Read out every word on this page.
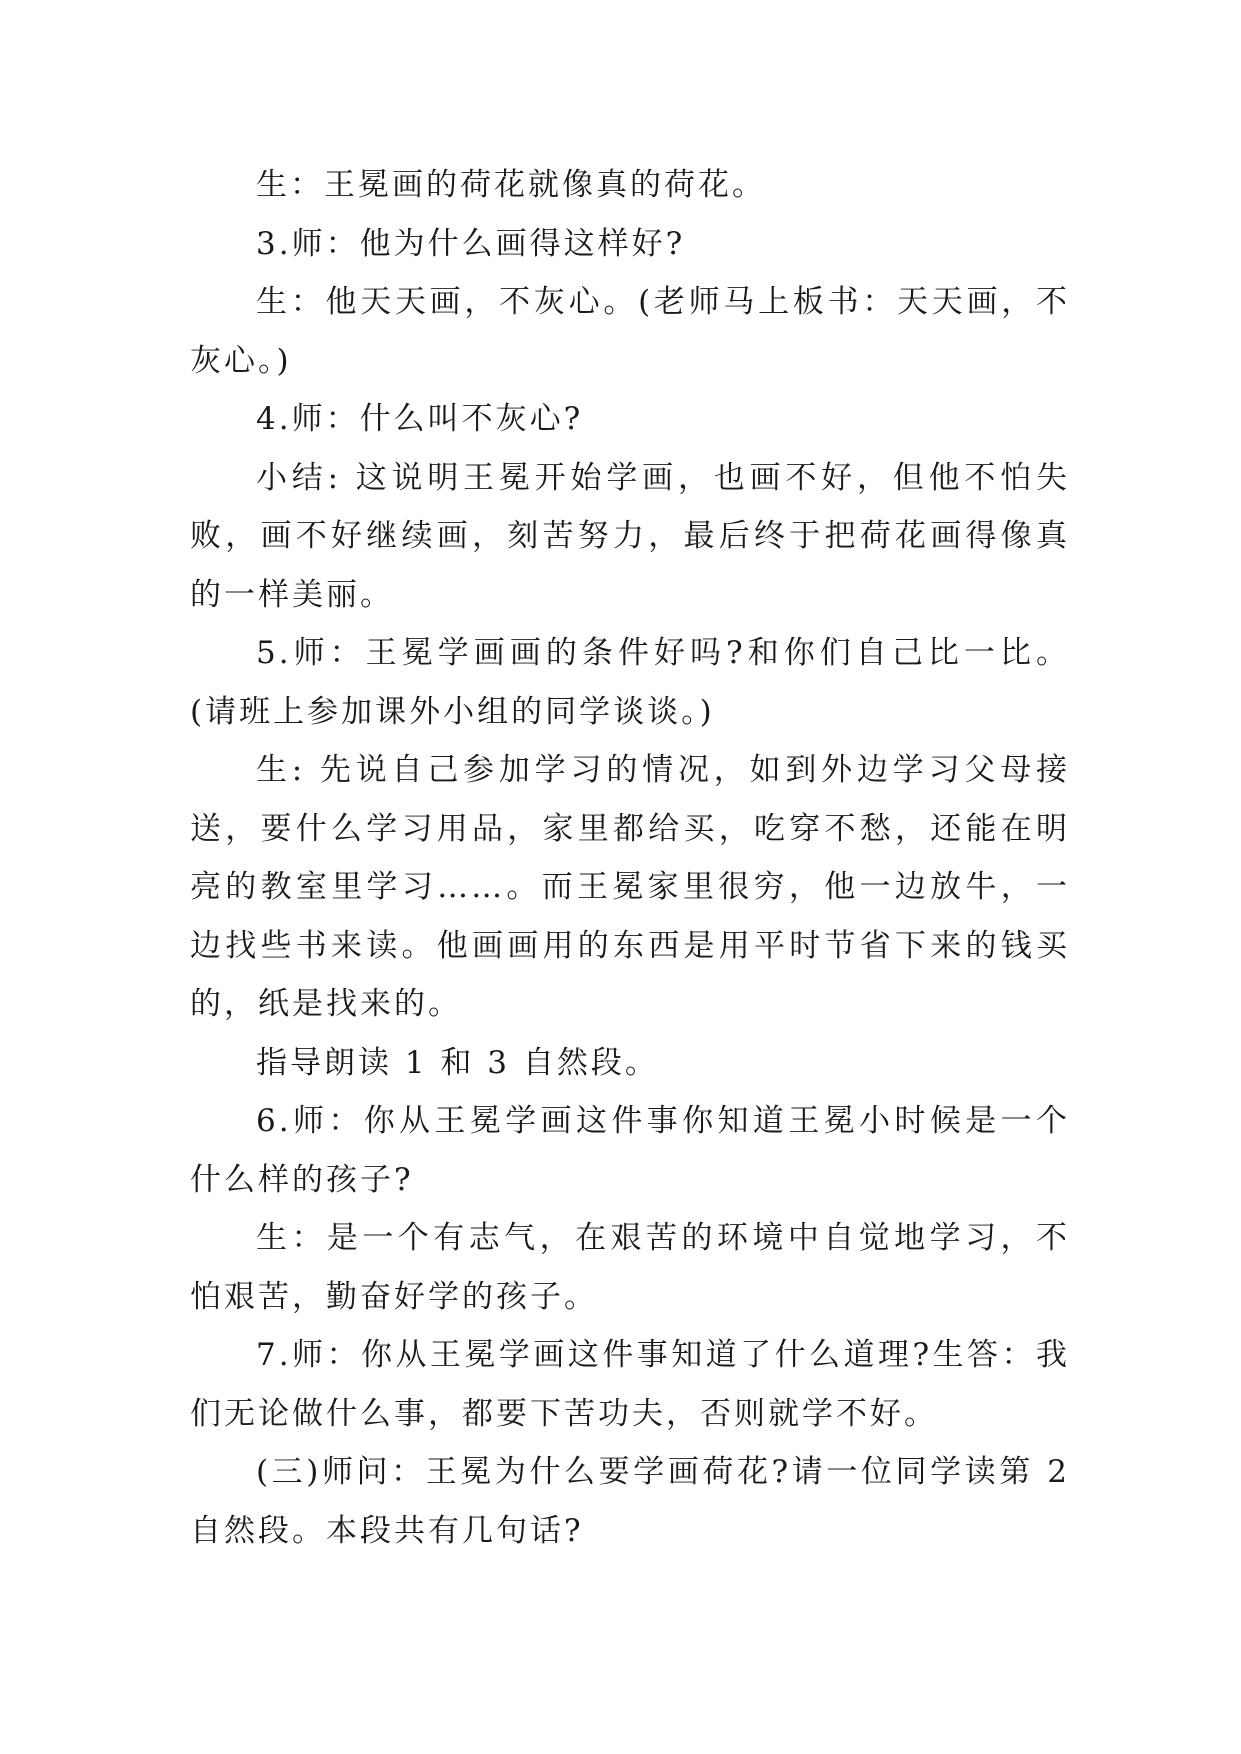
生：王冕画的荷花就像真的荷花。

3.师：他为什么画得这样好?

生：他天天画，不灰心。(老师马上板书：天天画，不灰心。)

4.师：什么叫不灰心?

小结: 这说明王冕开始学画，也画不好，但他不怕失败，画不好继续画，刻苦努力，最后终于把荷花画得像真的一样美丽。

5.师：王冕学画画的条件好吗?和你们自己比一比。(请班上参加课外小组的同学谈谈。)

生: 先说自己参加学习的情况，如到外边学习父母接送，要什么学习用品，家里都给买，吃穿不愁，还能在明亮的教室里学习……。而王冕家里很穷，他一边放牛，一边找些书来读。他画画用的东西是用平时节省下来的钱买的，纸是找来的。

指导朗读 1 和 3 自然段。

6.师：你从王冕学画这件事你知道王冕小时候是一个什么样的孩子?

生：是一个有志气，在艰苦的环境中自觉地学习，不怕艰苦，勤奋好学的孩子。

7.师：你从王冕学画这件事知道了什么道理?生答：我们无论做什么事，都要下苦功夫，否则就学不好。

(三)师问：王冕为什么要学画荷花?请一位同学读第 2 自然段。本段共有几句话?
